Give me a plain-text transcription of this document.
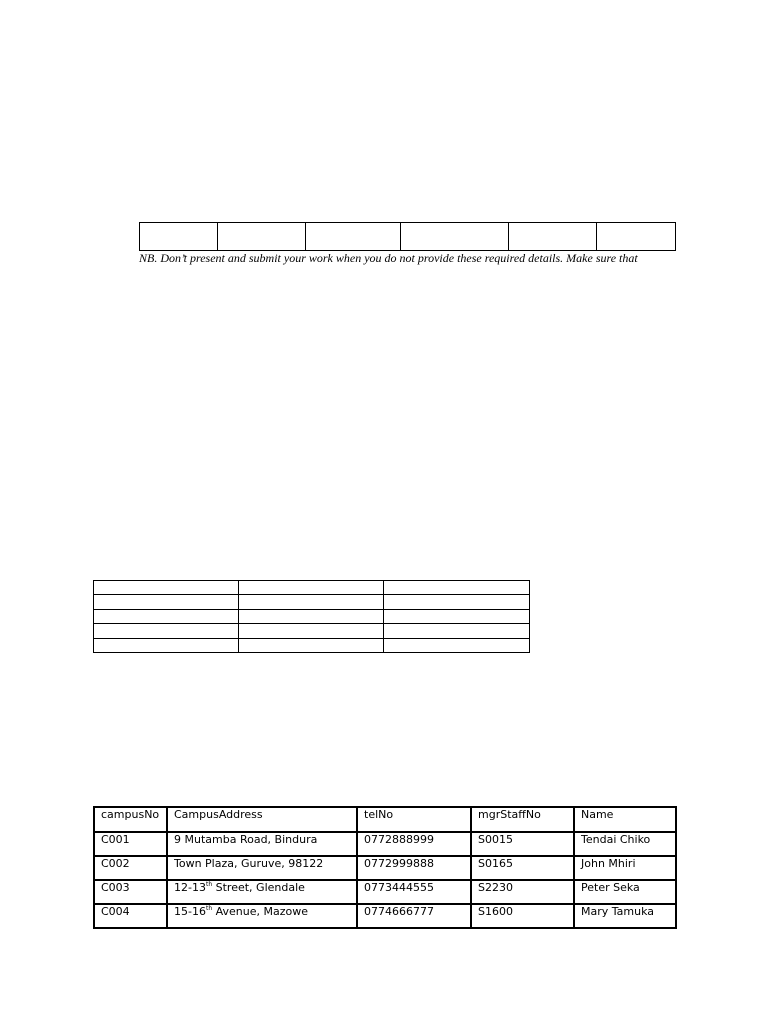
NB. Don’t present and submit your work when you do not provide these required details. Make sure that

campusNo	CampusAddress	telNo	mgrStaffNo	Name
C001	9 Mutamba Road, Bindura	0772888999	S0015	Tendai Chiko
C002	Town Plaza, Guruve, 98122	0772999888	S0165	John Mhiri
C003	12-13th Street, Glendale	0773444555	S2230	Peter Seka
C004	15-16th Avenue, Mazowe	0774666777	S1600	Mary Tamuka
